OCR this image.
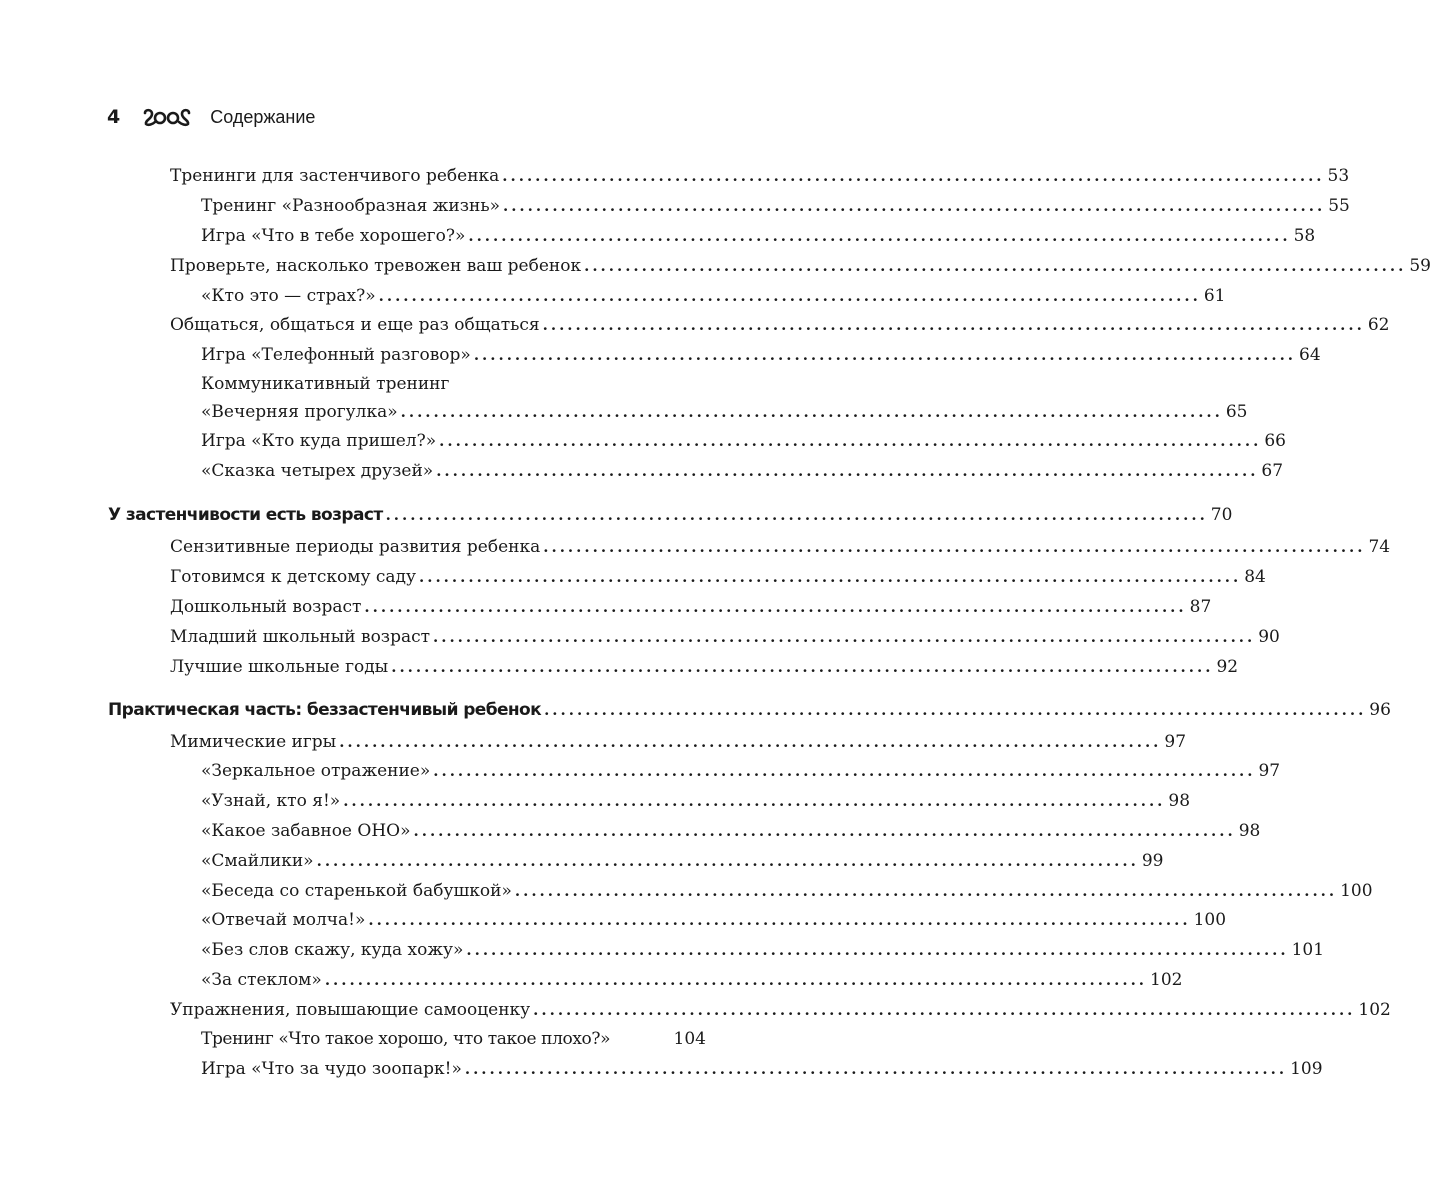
4	Содержание
Тренинги для застенчивого ребенка .................................................................................................... 53
Тренинг «Разнообразная жизнь» .................................................................................................... 55
Игра «Что в тебе хорошего?» .................................................................................................... 58
Проверьте, насколько тревожен ваш ребенок .................................................................................................... 59
«Кто это — страх?» .................................................................................................... 61
Общаться, общаться и еще раз общаться .................................................................................................... 62
Игра «Телефонный разговор» .................................................................................................... 64
Коммуникативный тренинг
«Вечерняя прогулка» .................................................................................................... 65
Игра «Кто куда пришел?» .................................................................................................... 66
«Сказка четырех друзей» .................................................................................................... 67
У застенчивости есть возраст .................................................................................................... 70
Сензитивные периоды развития ребенка .................................................................................................... 74
Готовимся к детскому саду .................................................................................................... 84
Дошкольный возраст .................................................................................................... 87
Младший школьный возраст .................................................................................................... 90
Лучшие школьные годы .................................................................................................... 92
Практическая часть: беззастенчивый ребенок .................................................................................................... 96
Мимические игры .................................................................................................... 97
«Зеркальное отражение» .................................................................................................... 97
«Узнай, кто я!» .................................................................................................... 98
«Какое забавное ОНО» .................................................................................................... 98
«Смайлики» .................................................................................................... 99
«Беседа со старенькой бабушкой» .................................................................................................... 100
«Отвечай молча!» .................................................................................................... 100
«Без слов скажу, куда хожу» .................................................................................................... 101
«За стеклом» .................................................................................................... 102
Упражнения, повышающие самооценку .................................................................................................... 102
Тренинг «Что такое хорошо, что такое плохо?»	104
Игра «Что за чудо зоопарк!» .................................................................................................... 109
